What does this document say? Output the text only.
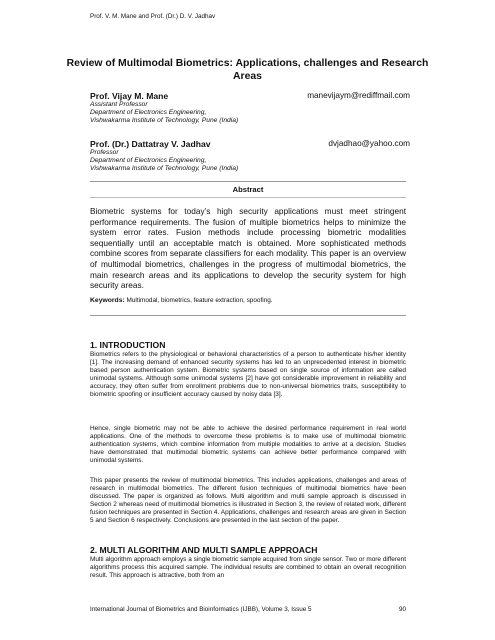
Prof. V. M. Mane and Prof. (Dr.) D. V. Jadhav
Review of Multimodal Biometrics: Applications, challenges and Research Areas
Prof. Vijay M. Mane	manevijaym@rediffmail.com
Assistant Professor
Department of Electronics Engineering,
Vishwakarma Institute of Technology, Pune (India)
Prof. (Dr.) Dattatray V. Jadhav	dvjadhao@yahoo.com
Professor
Department of Electronics Engineering,
Vishwakarma Institute of Technology, Pune (India)
Abstract
Biometric systems for today’s high security applications must meet stringent performance requirements. The fusion of multiple biometrics helps to minimize the system error rates. Fusion methods include processing biometric modalities sequentially until an acceptable match is obtained. More sophisticated methods combine scores from separate classifiers for each modality. This paper is an overview of multimodal biometrics, challenges in the progress of multimodal biometrics, the main research areas and its applications to develop the security system for high security areas.
Keywords: Multimodal, biometrics, feature extraction, spoofing.
1. INTRODUCTION
Biometrics refers to the physiological or behavioral characteristics of a person to authenticate his/her identity [1]. The increasing demand of enhanced security systems has led to an unprecedented interest in biometric based person authentication system. Biometric systems based on single source of information are called unimodal systems. Although some unimodal systems [2] have got considerable improvement in reliability and accuracy, they often suffer from enrollment problems due to non-universal biometrics traits, susceptibility to biometric spoofing or insufficient accuracy caused by noisy data [3].
Hence, single biometric may not be able to achieve the desired performance requirement in real world applications. One of the methods to overcome these problems is to make use of multimodal biometric authentication systems, which combine information from multiple modalities to arrive at a decision. Studies have demonstrated that multimodal biometric systems can achieve better performance compared with unimodal systems.
This paper presents the review of multimodal biometrics. This includes applications, challenges and areas of research in multimodal biometrics. The different fusion techniques of multimodal biometrics have been discussed. The paper is organized as follows. Multi algorithm and multi sample approach is discussed in Section 2 whereas need of multimodal biometrics is illustrated in Section 3, the review of related work, different fusion techniques are presented in Section 4. Applications, challenges and research areas are given in Section 5 and Section 6 respectively. Conclusions are presented in the last section of the paper.
2. MULTI ALGORITHM AND MULTI SAMPLE APPROACH
Multi algorithm approach employs a single biometric sample acquired from single sensor. Two or more different algorithms process this acquired sample. The individual results are combined to obtain an overall recognition result. This approach is attractive, both from an
International Journal of Biometrics and Bioinformatics (IJBB), Volume 3, Issue 5	90
